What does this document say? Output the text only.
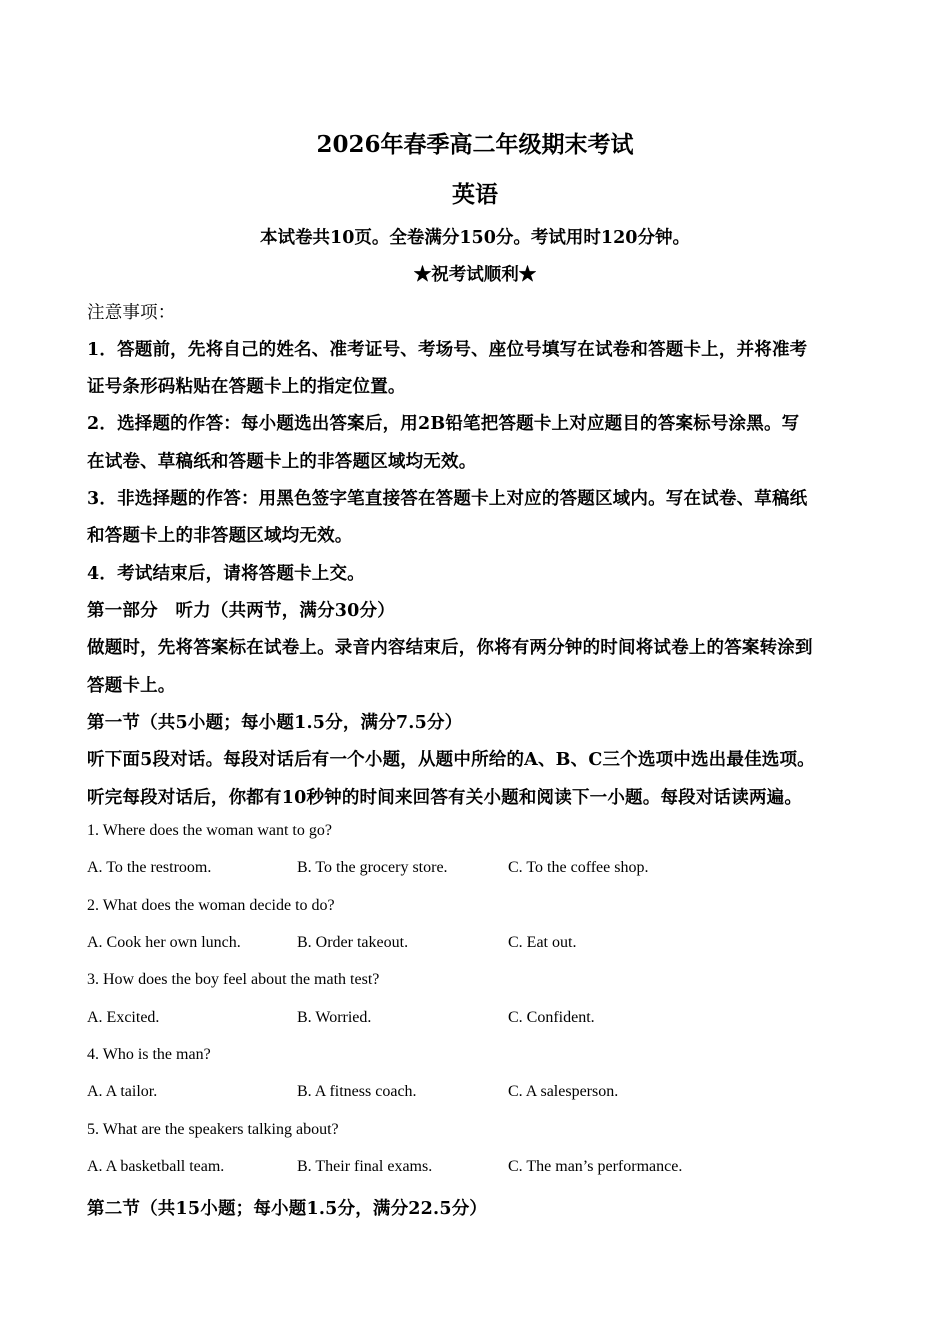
2026年春季高二年级期末考试
英语
本试卷共10页。全卷满分150分。考试用时120分钟。
★祝考试顺利★
注意事项：
1．答题前，先将自己的姓名、准考证号、考场号、座位号填写在试卷和答题卡上，并将准考
证号条形码粘贴在答题卡上的指定位置。
2．选择题的作答：每小题选出答案后，用2B铅笔把答题卡上对应题目的答案标号涂黑。写
在试卷、草稿纸和答题卡上的非答题区域均无效。
3．非选择题的作答：用黑色签字笔直接答在答题卡上对应的答题区域内。写在试卷、草稿纸
和答题卡上的非答题区域均无效。
4．考试结束后，请将答题卡上交。
第一部分　听力（共两节，满分30分）
做题时，先将答案标在试卷上。录音内容结束后，你将有两分钟的时间将试卷上的答案转涂到
答题卡上。
第一节（共5小题；每小题1.5分，满分7.5分）
听下面5段对话。每段对话后有一个小题，从题中所给的A、B、C三个选项中选出最佳选项。
听完每段对话后，你都有10秒钟的时间来回答有关小题和阅读下一小题。每段对话读两遍。
1. Where does the woman want to go?
A. To the restroom.	B. To the grocery store.	C. To the coffee shop.
2. What does the woman decide to do?
A. Cook her own lunch.	B. Order takeout.	C. Eat out.
3. How does the boy feel about the math test?
A. Excited.	B. Worried.	C. Confident.
4. Who is the man?
A. A tailor.	B. A fitness coach.	C. A salesperson.
5. What are the speakers talking about?
A. A basketball team.	B. Their final exams.	C. The man’s performance.
第二节（共15小题；每小题1.5分，满分22.5分）
